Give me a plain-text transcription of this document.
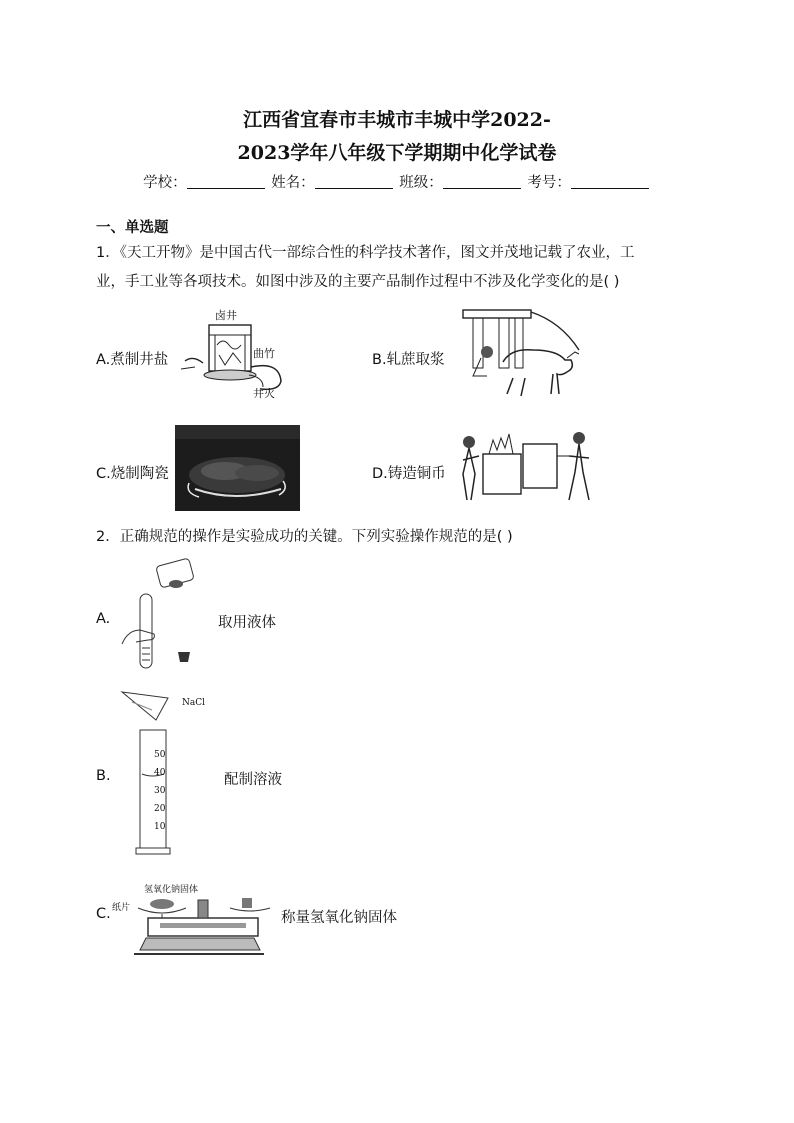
江西省宜春市丰城市丰城中学2022-
2023学年八年级下学期期中化学试卷
学校：	姓名：	班级：	考号：
一、单选题
1．《天工开物》是中国古代一部综合性的科学技术著作，图文并茂地记载了农业，工
业，手工业等各项技术。如图中涉及的主要产品制作过程中不涉及化学变化的是( )
A.煮制井盐
卤井
曲竹
井火
B.轧蔗取浆
C.烧制陶瓷	D.铸造铜币
2．正确规范的操作是实验成功的关键。下列实验操作规范的是( )
A.	取用液体
NaCl
50
40
30
20
10
B.	配制溶液
C.
氢氧化钠固体
纸片
称量氢氧化钠固体
